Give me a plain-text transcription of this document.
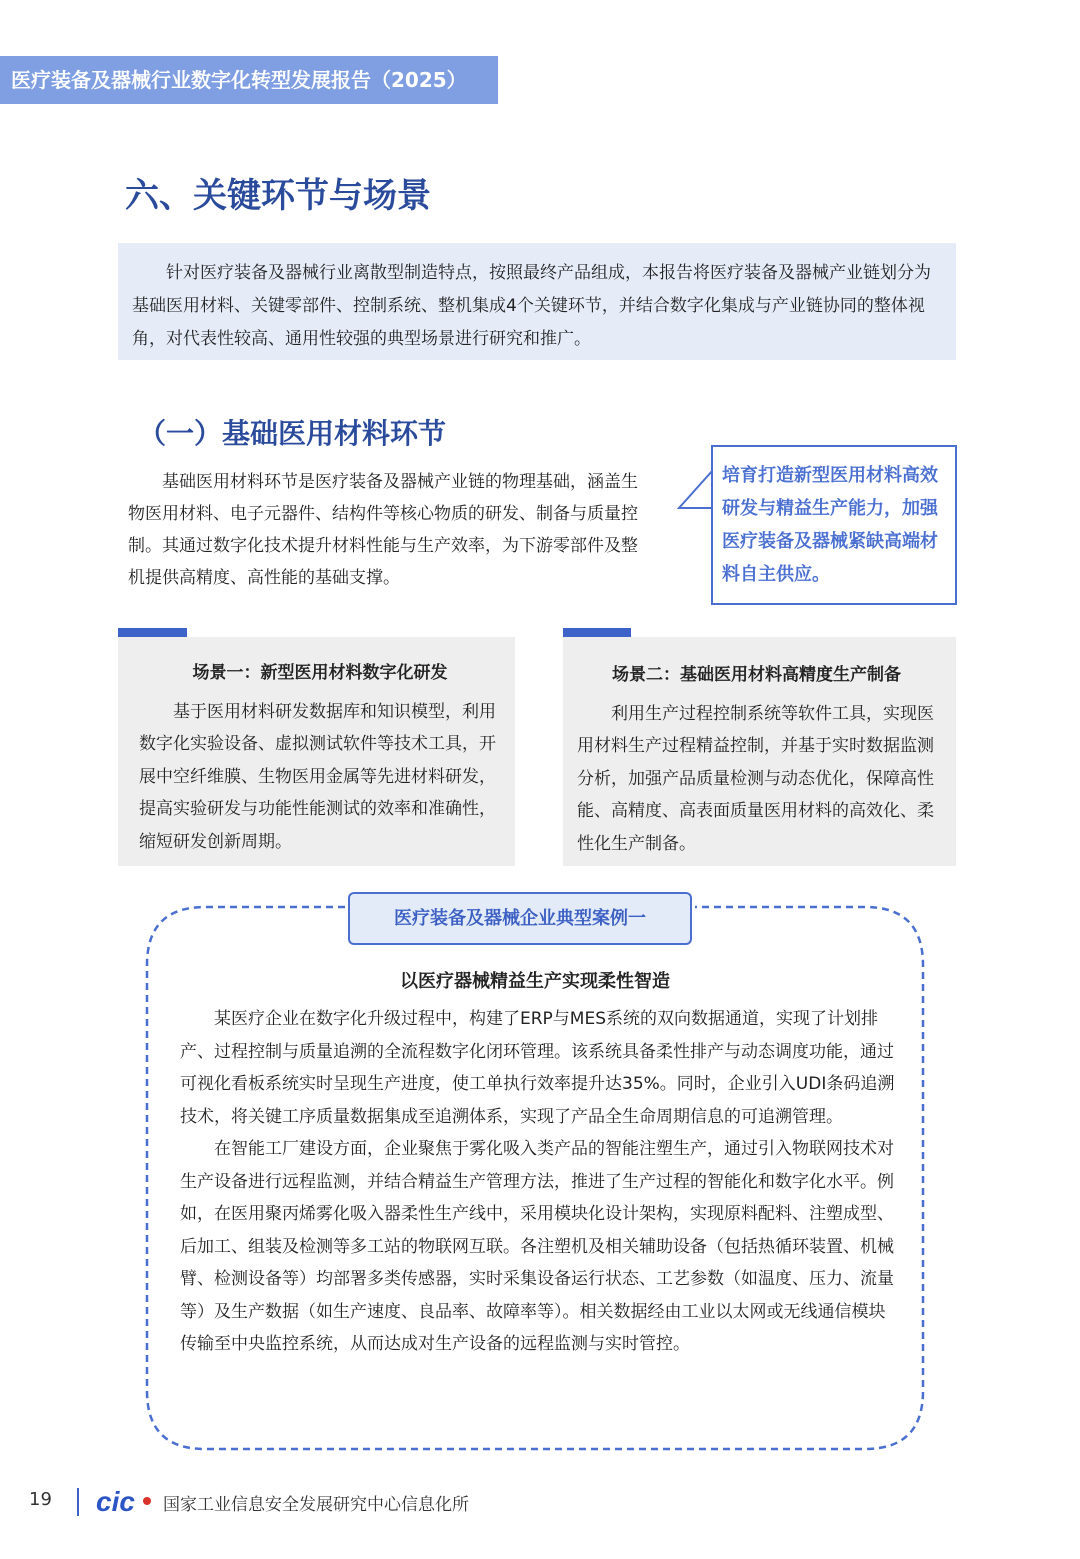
医疗装备及器械行业数字化转型发展报告（2025）
六、关键环节与场景

针对医疗装备及器械行业离散型制造特点，按照最终产品组成，本报告将医疗装备及器械产业链划分为基础医用材料、关键零部件、控制系统、整机集成4个关键环节，并结合数字化集成与产业链协同的整体视角，对代表性较高、通用性较强的典型场景进行研究和推广。

（一）基础医用材料环节

基础医用材料环节是医疗装备及器械产业链的物理基础，涵盖生物医用材料、电子元器件、结构件等核心物质的研发、制备与质量控制。其通过数字化技术提升材料性能与生产效率，为下游零部件及整机提供高精度、高性能的基础支撑。

培育打造新型医用材料高效研发与精益生产能力，加强医疗装备及器械紧缺高端材料自主供应。
场景一：新型医用材料数字化研发

基于医用材料研发数据库和知识模型，利用数字化实验设备、虚拟测试软件等技术工具，开展中空纤维膜、生物医用金属等先进材料研发，提高实验研发与功能性能测试的效率和准确性，缩短研发创新周期。

场景二：基础医用材料高精度生产制备

利用生产过程控制系统等软件工具，实现医用材料生产过程精益控制，并基于实时数据监测分析，加强产品质量检测与动态优化，保障高性能、高精度、高表面质量医用材料的高效化、柔性化生产制备。

医疗装备及器械企业典型案例一
以医疗器械精益生产实现柔性智造

某医疗企业在数字化升级过程中，构建了ERP与MES系统的双向数据通道，实现了计划排产、过程控制与质量追溯的全流程数字化闭环管理。该系统具备柔性排产与动态调度功能，通过可视化看板系统实时呈现生产进度，使工单执行效率提升达35%。同时，企业引入UDI条码追溯技术，将关键工序质量数据集成至追溯体系，实现了产品全生命周期信息的可追溯管理。

在智能工厂建设方面，企业聚焦于雾化吸入类产品的智能注塑生产，通过引入物联网技术对生产设备进行远程监测，并结合精益生产管理方法，推进了生产过程的智能化和数字化水平。例如，在医用聚丙烯雾化吸入器柔性生产线中，采用模块化设计架构，实现原料配料、注塑成型、后加工、组装及检测等多工站的物联网互联。各注塑机及相关辅助设备（包括热循环装置、机械臂、检测设备等）均部署多类传感器，实时采集设备运行状态、工艺参数（如温度、压力、流量等）及生产数据（如生产速度、良品率、故障率等）。相关数据经由工业以太网或无线通信模块传输至中央监控系统，从而达成对生产设备的远程监测与实时管控。

19 cic 国家工业信息安全发展研究中心信息化所
